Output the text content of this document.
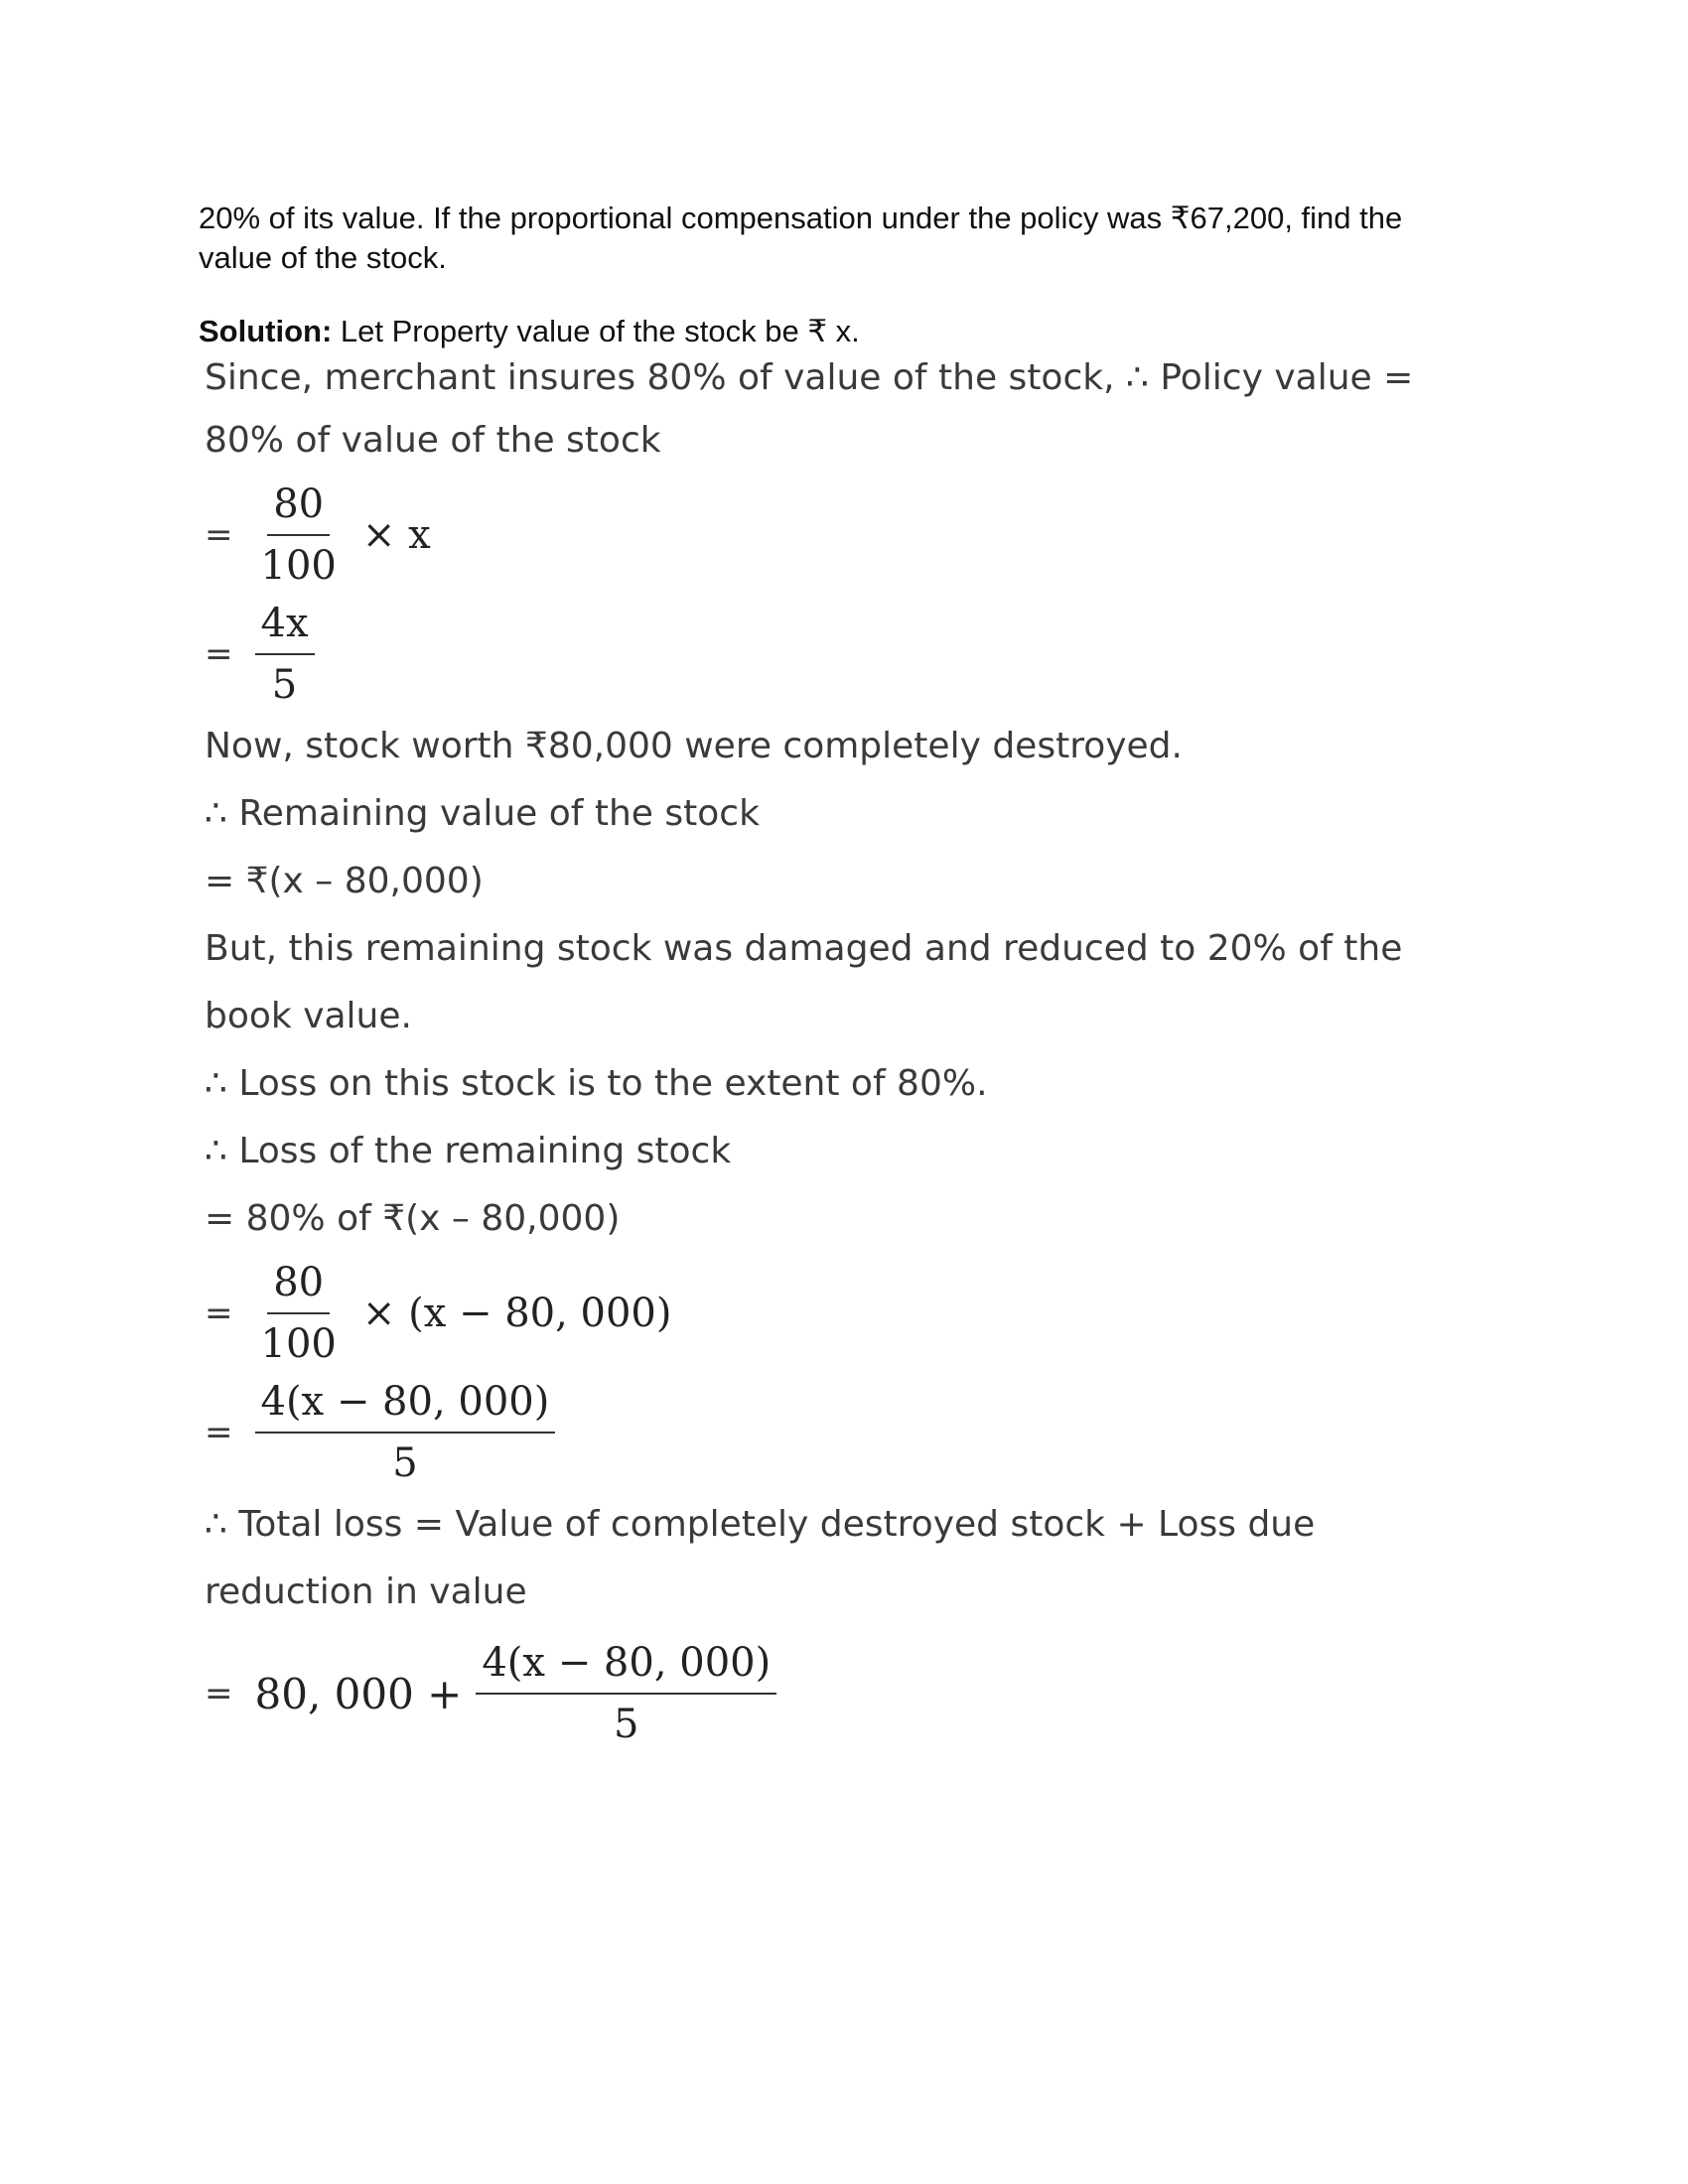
20% of its value. If the proportional compensation under the policy was ₹67,200, find the value of the stock.
Solution: Let Property value of the stock be ₹ x.
Since, merchant insures 80% of value of the stock, ∴ Policy value =
80% of value of the stock
= $\frac{80}{100} \times x$
= $\frac{4x}{5}$
Now, stock worth ₹80,000 were completely destroyed.
∴ Remaining value of the stock
= ₹(x – 80,000)
But, this remaining stock was damaged and reduced to 20% of the
book value.
∴ Loss on this stock is to the extent of 80%.
∴ Loss of the remaining stock
= 80% of ₹(x – 80,000)
= $\frac{80}{100} \times (x - 80$, 000)
= $\frac{4(x - 80, 000)}{5}$
∴ Total loss = Value of completely destroyed stock + Loss due
reduction in value
= 80, $000 + \frac{4(x - 80, 000)}{5}$
